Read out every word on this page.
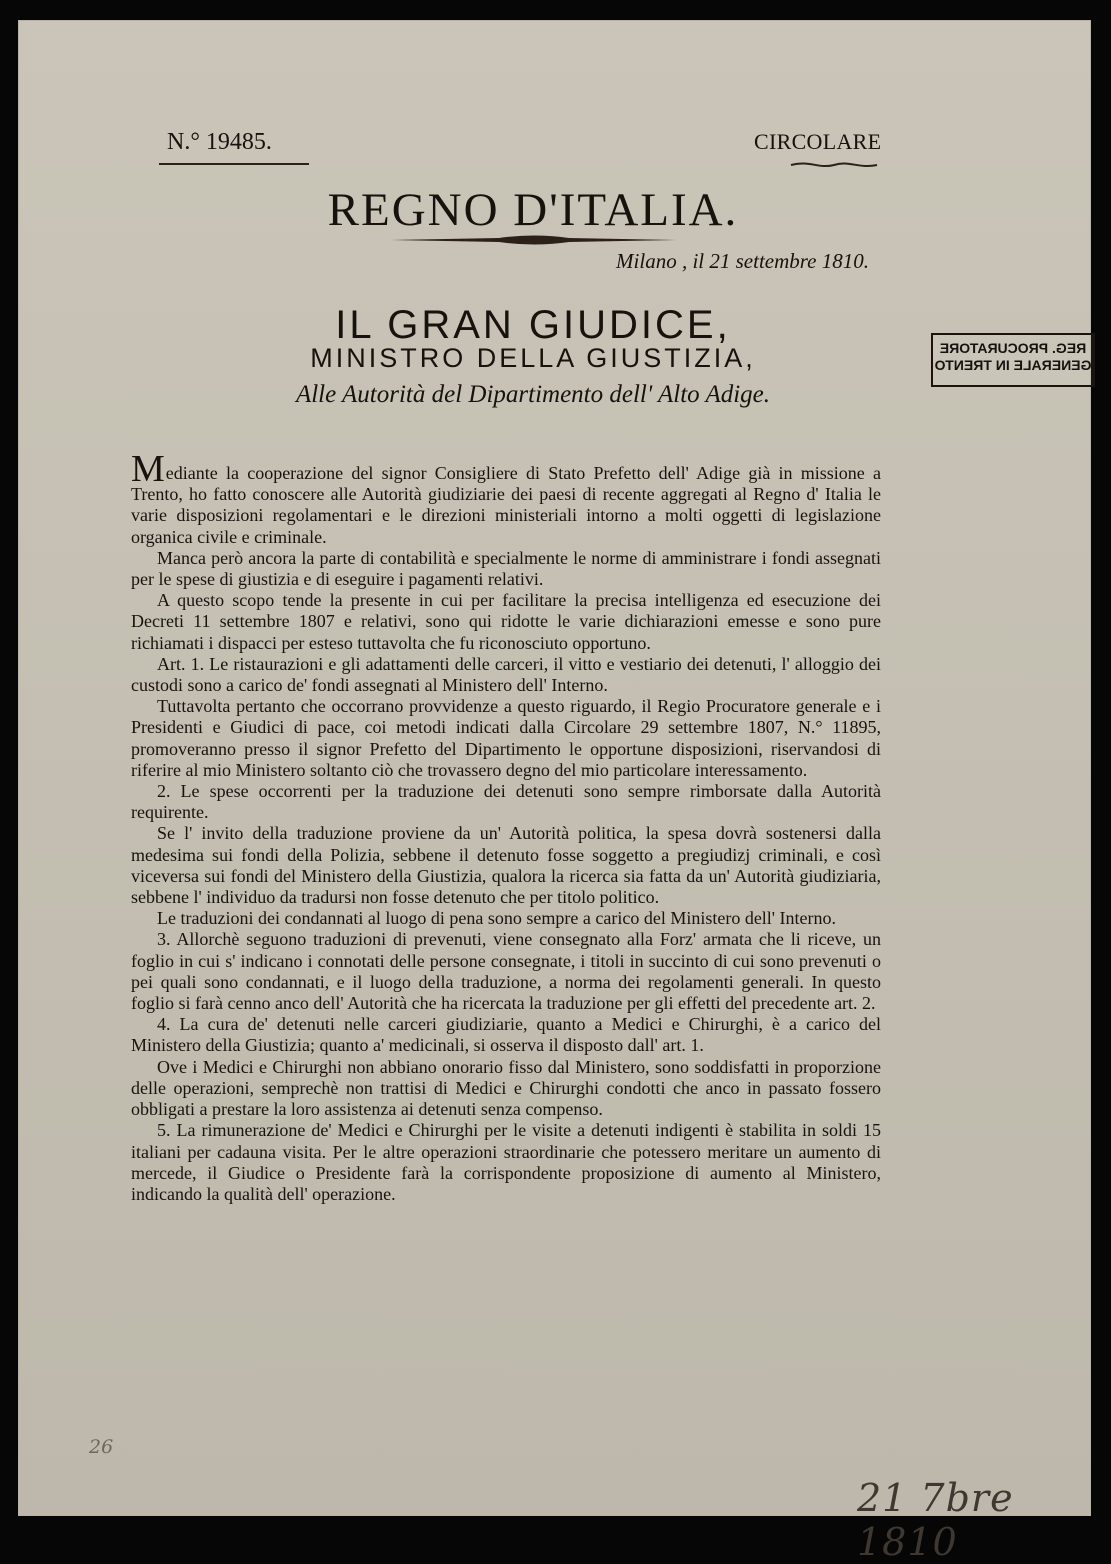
N.° 19485.	CIRCOLARE
REGNO D'ITALIA.
Milano , il 21 settembre 1810.
IL GRAN GIUDICE,
MINISTRO DELLA GIUSTIZIA,
Alle Autorità del Dipartimento dell' Alto Adige.
REG. PROCURATORE
GENERALE IN TRENTO

Mediante la cooperazione del signor Consigliere di Stato Prefetto dell' Adige già in missione a Trento, ho fatto conoscere alle Autorità giudiziarie dei paesi di recente aggregati al Regno d' Italia le varie disposizioni regolamentari e le direzioni ministeriali intorno a molti oggetti di legislazione organica civile e criminale.

Manca però ancora la parte di contabilità e specialmente le norme di amministrare i fondi assegnati per le spese di giustizia e di eseguire i pagamenti relativi.

A questo scopo tende la presente in cui per facilitare la precisa intelligenza ed esecuzione dei Decreti 11 settembre 1807 e relativi, sono qui ridotte le varie dichiarazioni emesse e sono pure richiamati i dispacci per esteso tuttavolta che fu riconosciuto opportuno.

Art. 1. Le ristaurazioni e gli adattamenti delle carceri, il vitto e vestiario dei detenuti, l' alloggio dei custodi sono a carico de' fondi assegnati al Ministero dell' Interno.

Tuttavolta pertanto che occorrano provvidenze a questo riguardo, il Regio Procuratore generale e i Presidenti e Giudici di pace, coi metodi indicati dalla Circolare 29 settembre 1807, N.° 11895, promoveranno presso il signor Prefetto del Dipartimento le opportune disposizioni, riservandosi di riferire al mio Ministero soltanto ciò che trovassero degno del mio particolare interessamento.

2. Le spese occorrenti per la traduzione dei detenuti sono sempre rimborsate dalla Autorità requirente.

Se l' invito della traduzione proviene da un' Autorità politica, la spesa dovrà sostenersi dalla medesima sui fondi della Polizia, sebbene il detenuto fosse soggetto a pregiudizj criminali, e così viceversa sui fondi del Ministero della Giustizia, qualora la ricerca sia fatta da un' Autorità giudiziaria, sebbene l' individuo da tradursi non fosse detenuto che per titolo politico.

Le traduzioni dei condannati al luogo di pena sono sempre a carico del Ministero dell' Interno.

3. Allorchè seguono traduzioni di prevenuti, viene consegnato alla Forz' armata che li riceve, un foglio in cui s' indicano i connotati delle persone consegnate, i titoli in succinto di cui sono prevenuti o pei quali sono condannati, e il luogo della traduzione, a norma dei regolamenti generali. In questo foglio si farà cenno anco dell' Autorità che ha ricercata la traduzione per gli effetti del precedente art. 2.

4. La cura de' detenuti nelle carceri giudiziarie, quanto a Medici e Chirurghi, è a carico del Ministero della Giustizia; quanto a' medicinali, si osserva il disposto dall' art. 1.

Ove i Medici e Chirurghi non abbiano onorario fisso dal Ministero, sono soddisfatti in proporzione delle operazioni, semprechè non trattisi di Medici e Chirurghi condotti che anco in passato fossero obbligati a prestare la loro assistenza ai detenuti senza compenso.

5. La rimunerazione de' Medici e Chirurghi per le visite a detenuti indigenti è stabilita in soldi 15 italiani per cadauna visita. Per le altre operazioni straordinarie che potessero meritare un aumento di mercede, il Giudice o Presidente farà la corrispondente proposizione di aumento al Ministero, indicando la qualità dell' operazione.

26
21 7bre 1810
